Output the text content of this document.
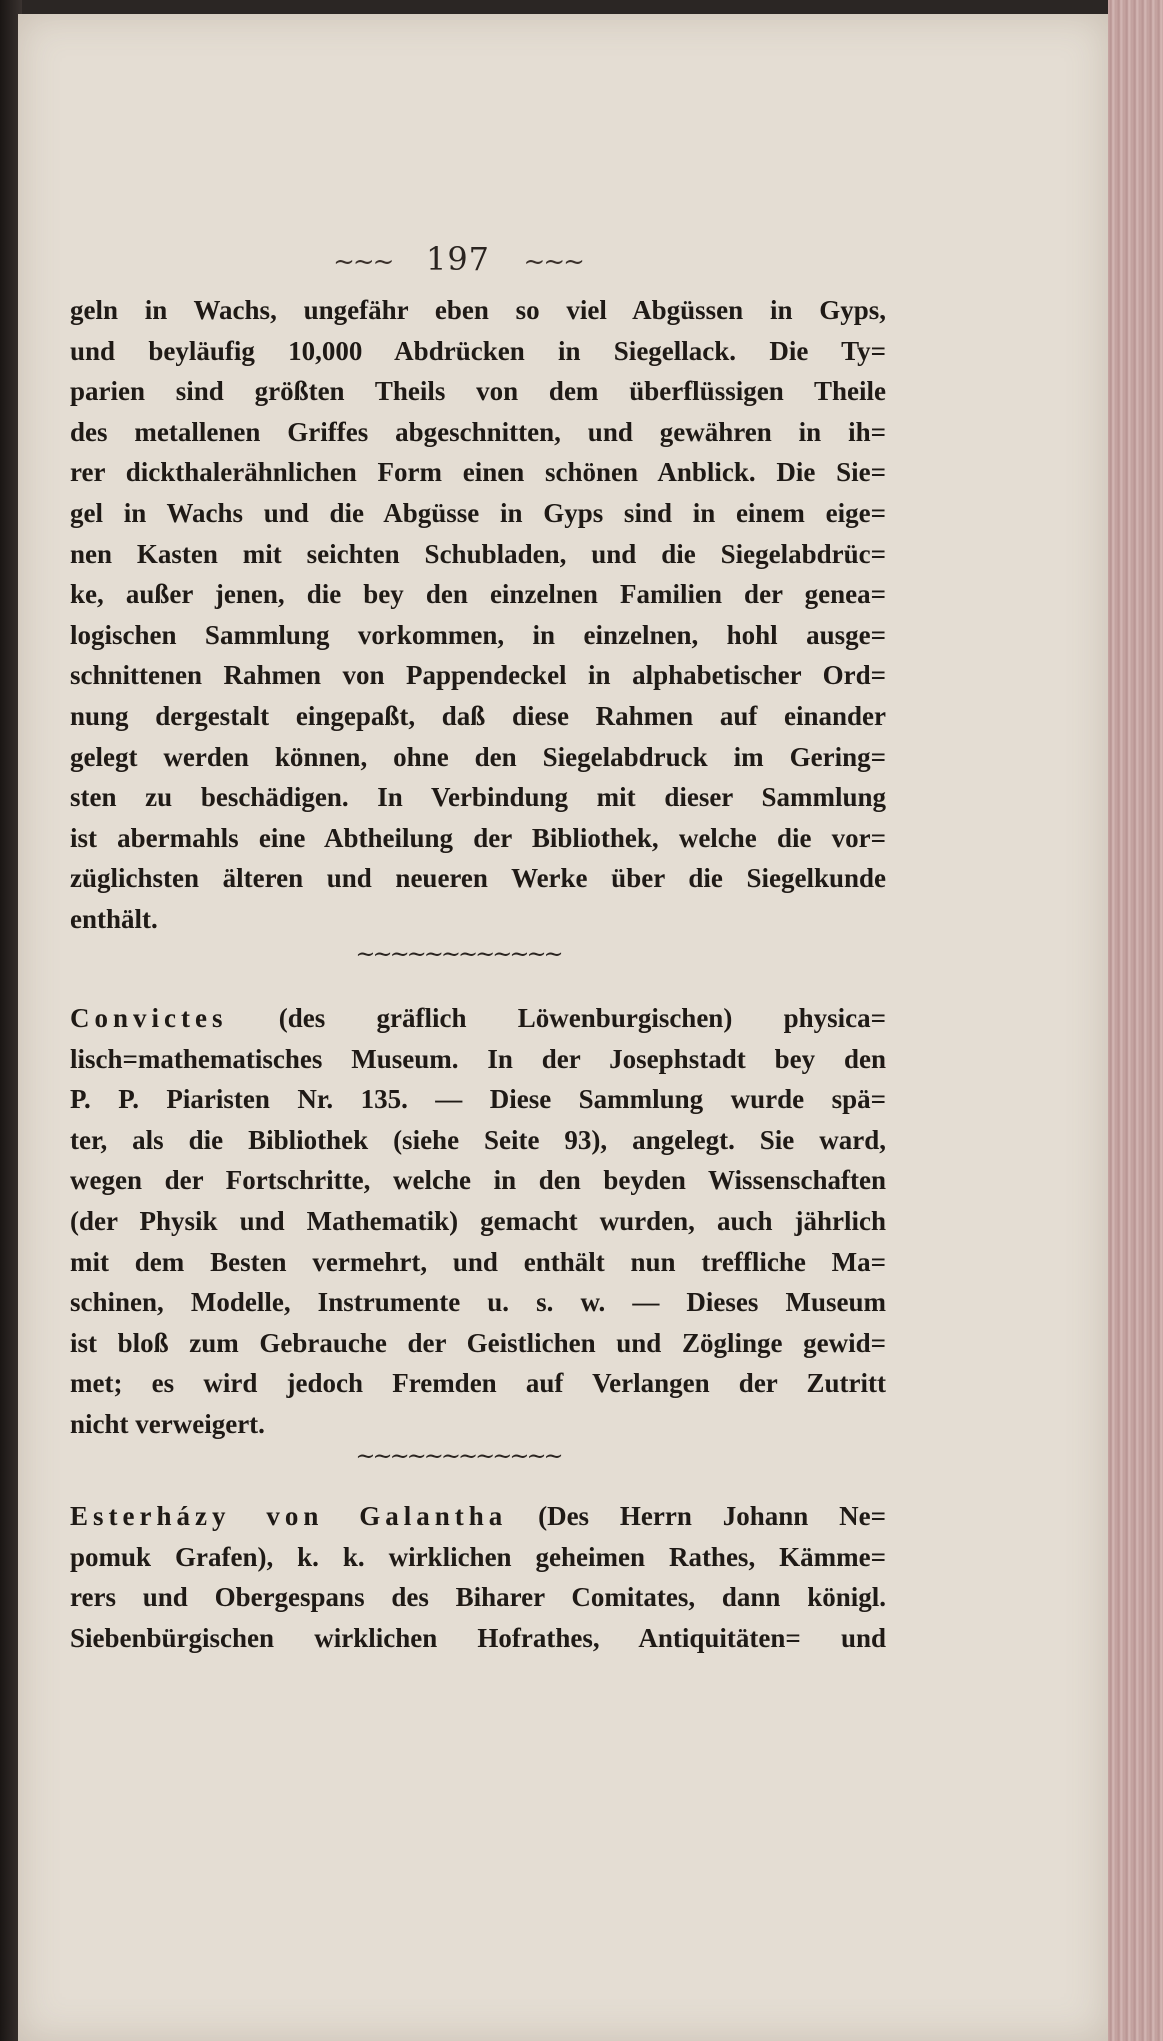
~~~ 197 ~~~
geln in Wachs, ungefähr eben so viel Abgüssen in Gyps,
und beyläufig 10,000 Abdrücken in Siegellack. Die Ty=
parien sind größten Theils von dem überflüssigen Theile
des metallenen Griffes abgeschnitten, und gewähren in ih=
rer dickthalerähnlichen Form einen schönen Anblick. Die Sie=
gel in Wachs und die Abgüsse in Gyps sind in einem eige=
nen Kasten mit seichten Schubladen, und die Siegelabdrüc=
ke, außer jenen, die bey den einzelnen Familien der genea=
logischen Sammlung vorkommen, in einzelnen, hohl ausge=
schnittenen Rahmen von Pappendeckel in alphabetischer Ord=
nung dergestalt eingepaßt, daß diese Rahmen auf einander
gelegt werden können, ohne den Siegelabdruck im Gering=
sten zu beschädigen. In Verbindung mit dieser Sammlung
ist abermahls eine Abtheilung der Bibliothek, welche die vor=
züglichsten älteren und neueren Werke über die Siegelkunde
enthält.
~~~~~~~~~~~~
Convictes (des gräflich Löwenburgischen) physica=
lisch=mathematisches Museum. In der Josephstadt bey den
P. P. Piaristen Nr. 135. — Diese Sammlung wurde spä=
ter, als die Bibliothek (siehe Seite 93), angelegt. Sie ward,
wegen der Fortschritte, welche in den beyden Wissenschaften
(der Physik und Mathematik) gemacht wurden, auch jährlich
mit dem Besten vermehrt, und enthält nun treffliche Ma=
schinen, Modelle, Instrumente u. s. w. — Dieses Museum
ist bloß zum Gebrauche der Geistlichen und Zöglinge gewid=
met; es wird jedoch Fremden auf Verlangen der Zutritt
nicht verweigert.
~~~~~~~~~~~~
Esterházy von Galantha (Des Herrn Johann Ne=
pomuk Grafen), k. k. wirklichen geheimen Rathes, Kämme=
rers und Obergespans des Biharer Comitates, dann königl.
Siebenbürgischen wirklichen Hofrathes, Antiquitäten= und
